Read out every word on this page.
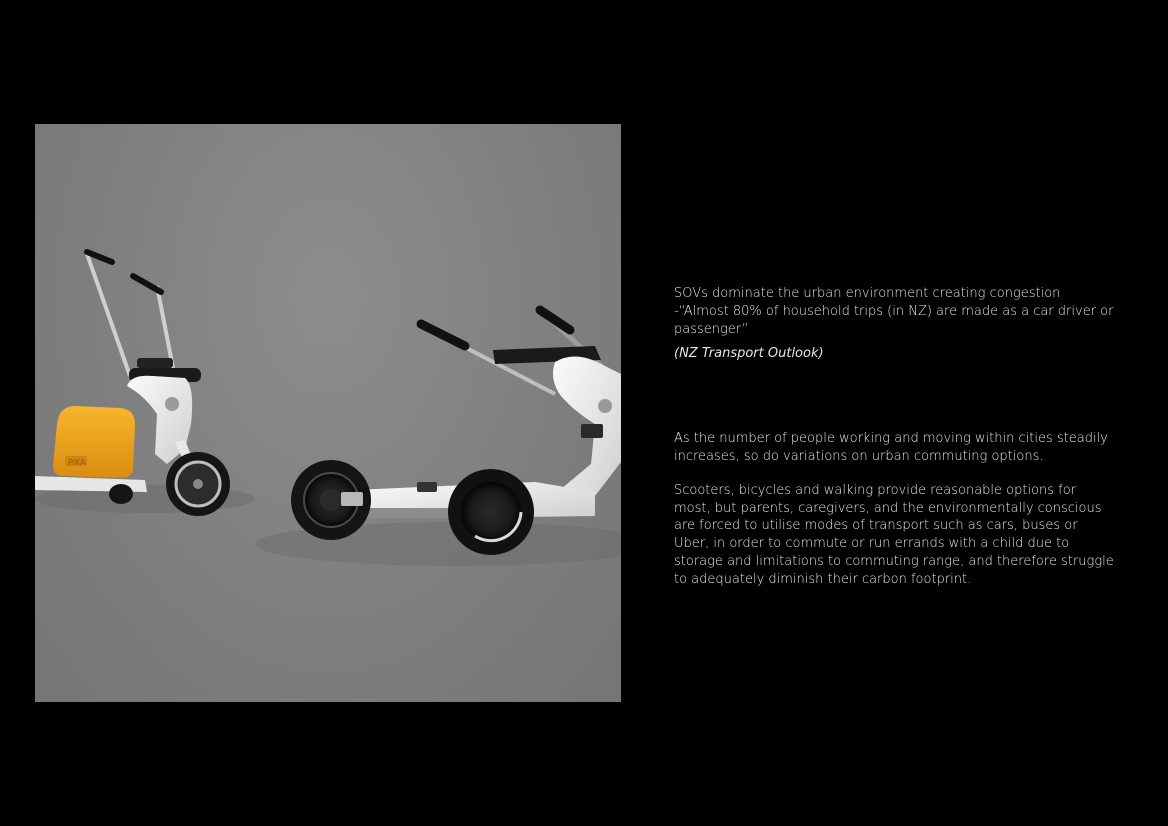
PIKA

SOVs dominate the urban environment creating congestion -“Almost 80% of household trips (in NZ) are made as a car driver or passenger”

(NZ Transport Outlook)

As the number of people working and moving within cities steadily increases, so do variations on urban commuting options.

Scooters, bicycles and walking provide reasonable options for most, but parents, caregivers, and the environmentally conscious are forced to utilise modes of transport such as cars, buses or Uber, in order to commute or run errands with a child due to storage and limitations to commuting range, and therefore struggle to adequately diminish their carbon footprint.
